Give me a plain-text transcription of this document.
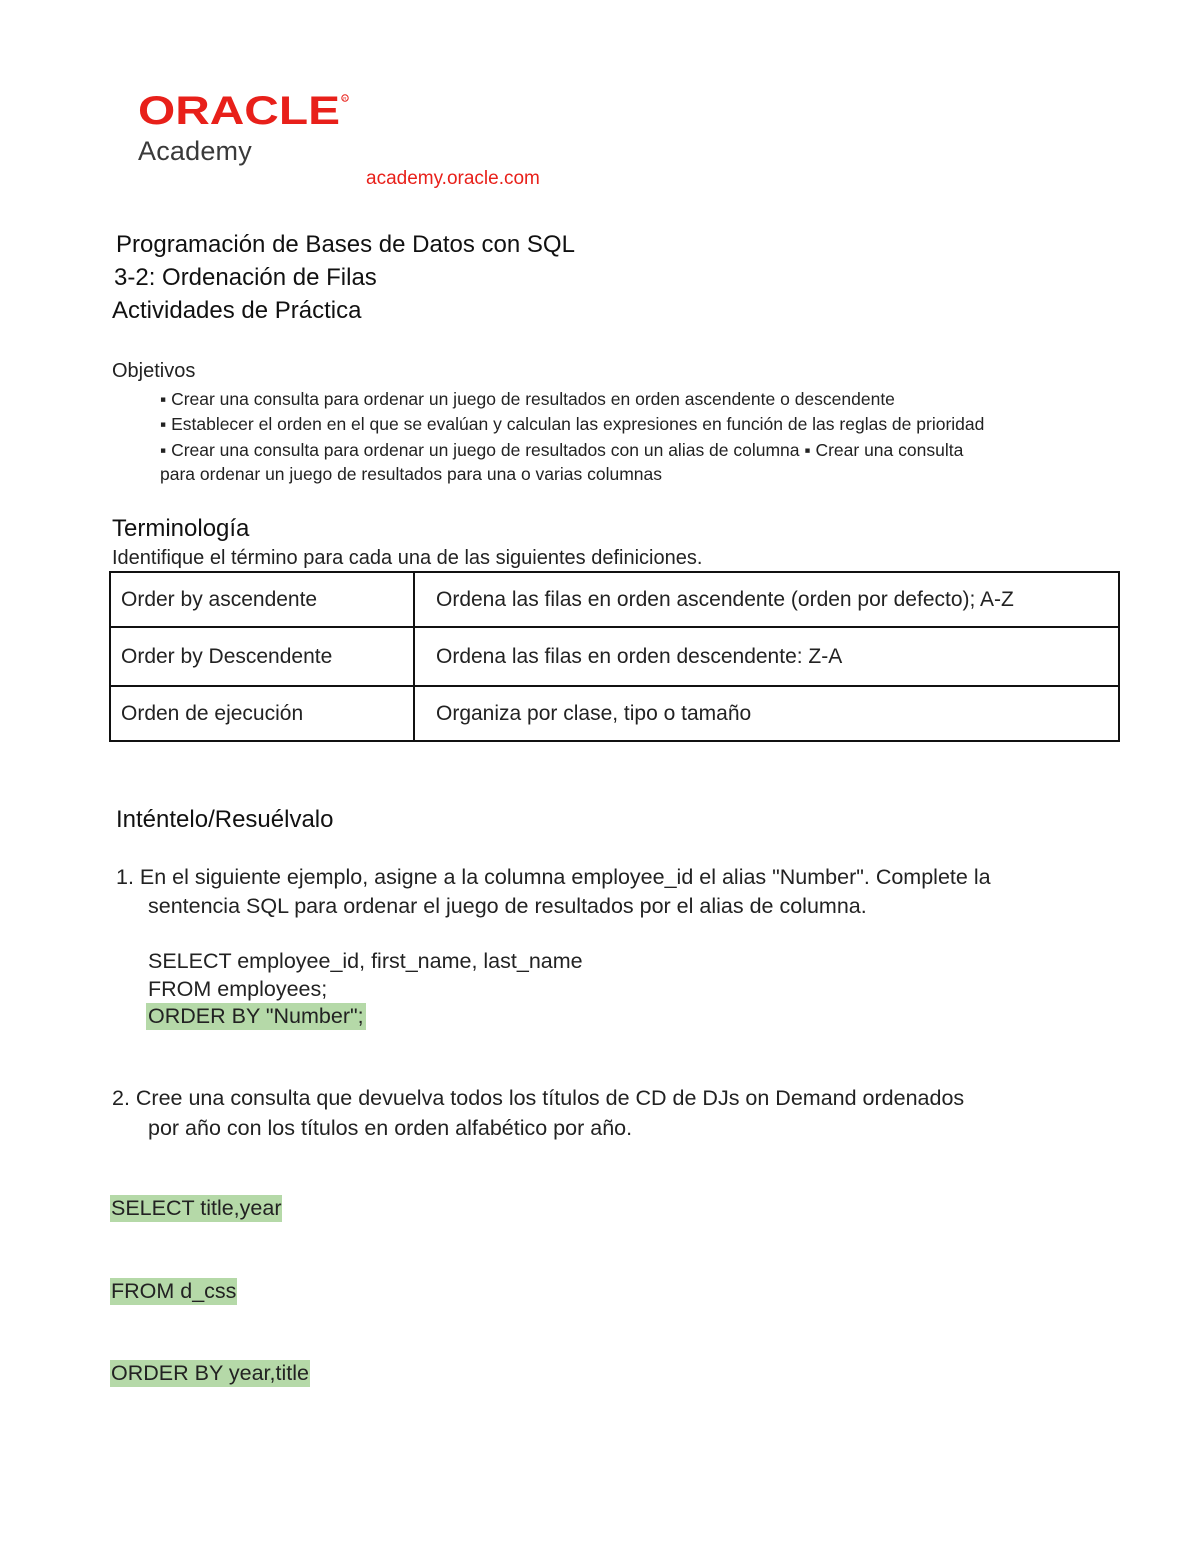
ORACLE R
Academy
academy.oracle.com
Programación de Bases de Datos con SQL
3-2: Ordenación de Filas
Actividades de Práctica
Objetivos
▪ Crear una consulta para ordenar un juego de resultados en orden ascendente o descendente
▪ Establecer el orden en el que se evalúan y calculan las expresiones en función de las reglas de prioridad
▪ Crear una consulta para ordenar un juego de resultados con un alias de columna ▪ Crear una consulta
para ordenar un juego de resultados para una o varias columnas
Terminología
Identifique el término para cada una de las siguientes definiciones.
Order by ascendente	Ordena las filas en orden ascendente (orden por defecto); A-Z
Order by Descendente	Ordena las filas en orden descendente: Z-A
Orden de ejecución	Organiza por clase, tipo o tamaño
Inténtelo/Resuélvalo
1. En el siguiente ejemplo, asigne a la columna employee_id el alias "Number". Complete la
sentencia SQL para ordenar el juego de resultados por el alias de columna.
SELECT employee_id, first_name, last_name
FROM employees;
ORDER BY "Number";
2. Cree una consulta que devuelva todos los títulos de CD de DJs on Demand ordenados
por año con los títulos en orden alfabético por año.
SELECT title,year
FROM d_css
ORDER BY year,title
